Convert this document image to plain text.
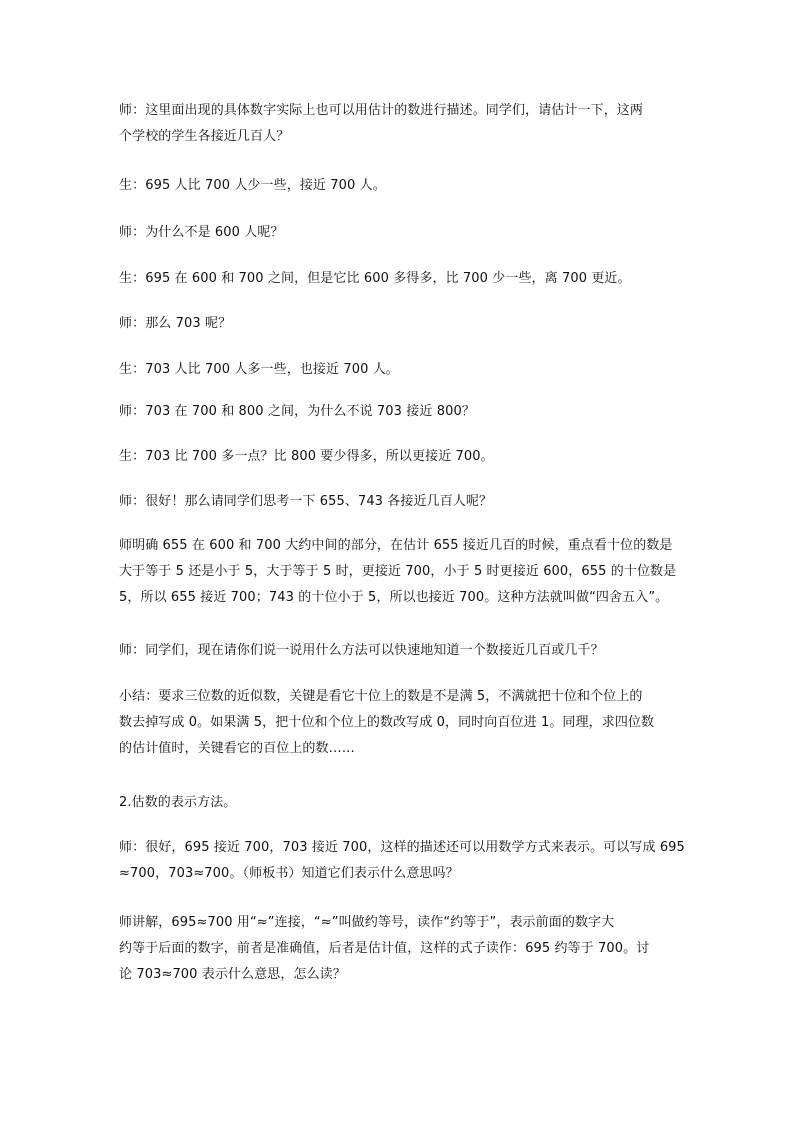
师：这里面出现的具体数字实际上也可以用估计的数进行描述。同学们，请估计一下，这两
个学校的学生各接近几百人？
生：695 人比 700 人少一些，接近 700 人。
师：为什么不是 600 人呢？
生：695 在 600 和 700 之间，但是它比 600 多得多，比 700 少一些，离 700 更近。
师：那么 703 呢？
生：703 人比 700 人多一些，也接近 700 人。
师：703 在 700 和 800 之间，为什么不说 703 接近 800？
生：703 比 700 多一点？比 800 要少得多，所以更接近 700。
师：很好！那么请同学们思考一下 655、743 各接近几百人呢？
师明确 655 在 600 和 700 大约中间的部分，在估计 655 接近几百的时候，重点看十位的数是
大于等于 5 还是小于 5，大于等于 5 时，更接近 700，小于 5 时更接近 600，655 的十位数是
5，所以 655 接近 700；743 的十位小于 5，所以也接近 700。这种方法就叫做“四舍五入”。
师：同学们，现在请你们说一说用什么方法可以快速地知道一个数接近几百或几千？
小结：要求三位数的近似数，关键是看它十位上的数是不是满 5，不满就把十位和个位上的
数去掉写成 0。如果满 5，把十位和个位上的数改写成 0，同时向百位进 1。同理，求四位数
的估计值时，关键看它的百位上的数……
2.估数的表示方法。
师：很好，695 接近 700，703 接近 700，这样的描述还可以用数学方式来表示。可以写成 695
≈700，703≈700。（师板书）知道它们表示什么意思吗？
师讲解，695≈700 用“≈”连接，“≈”叫做约等号，读作“约等于”，表示前面的数字大
约等于后面的数字，前者是准确值，后者是估计值，这样的式子读作：695 约等于 700。讨
论 703≈700 表示什么意思，怎么读？
